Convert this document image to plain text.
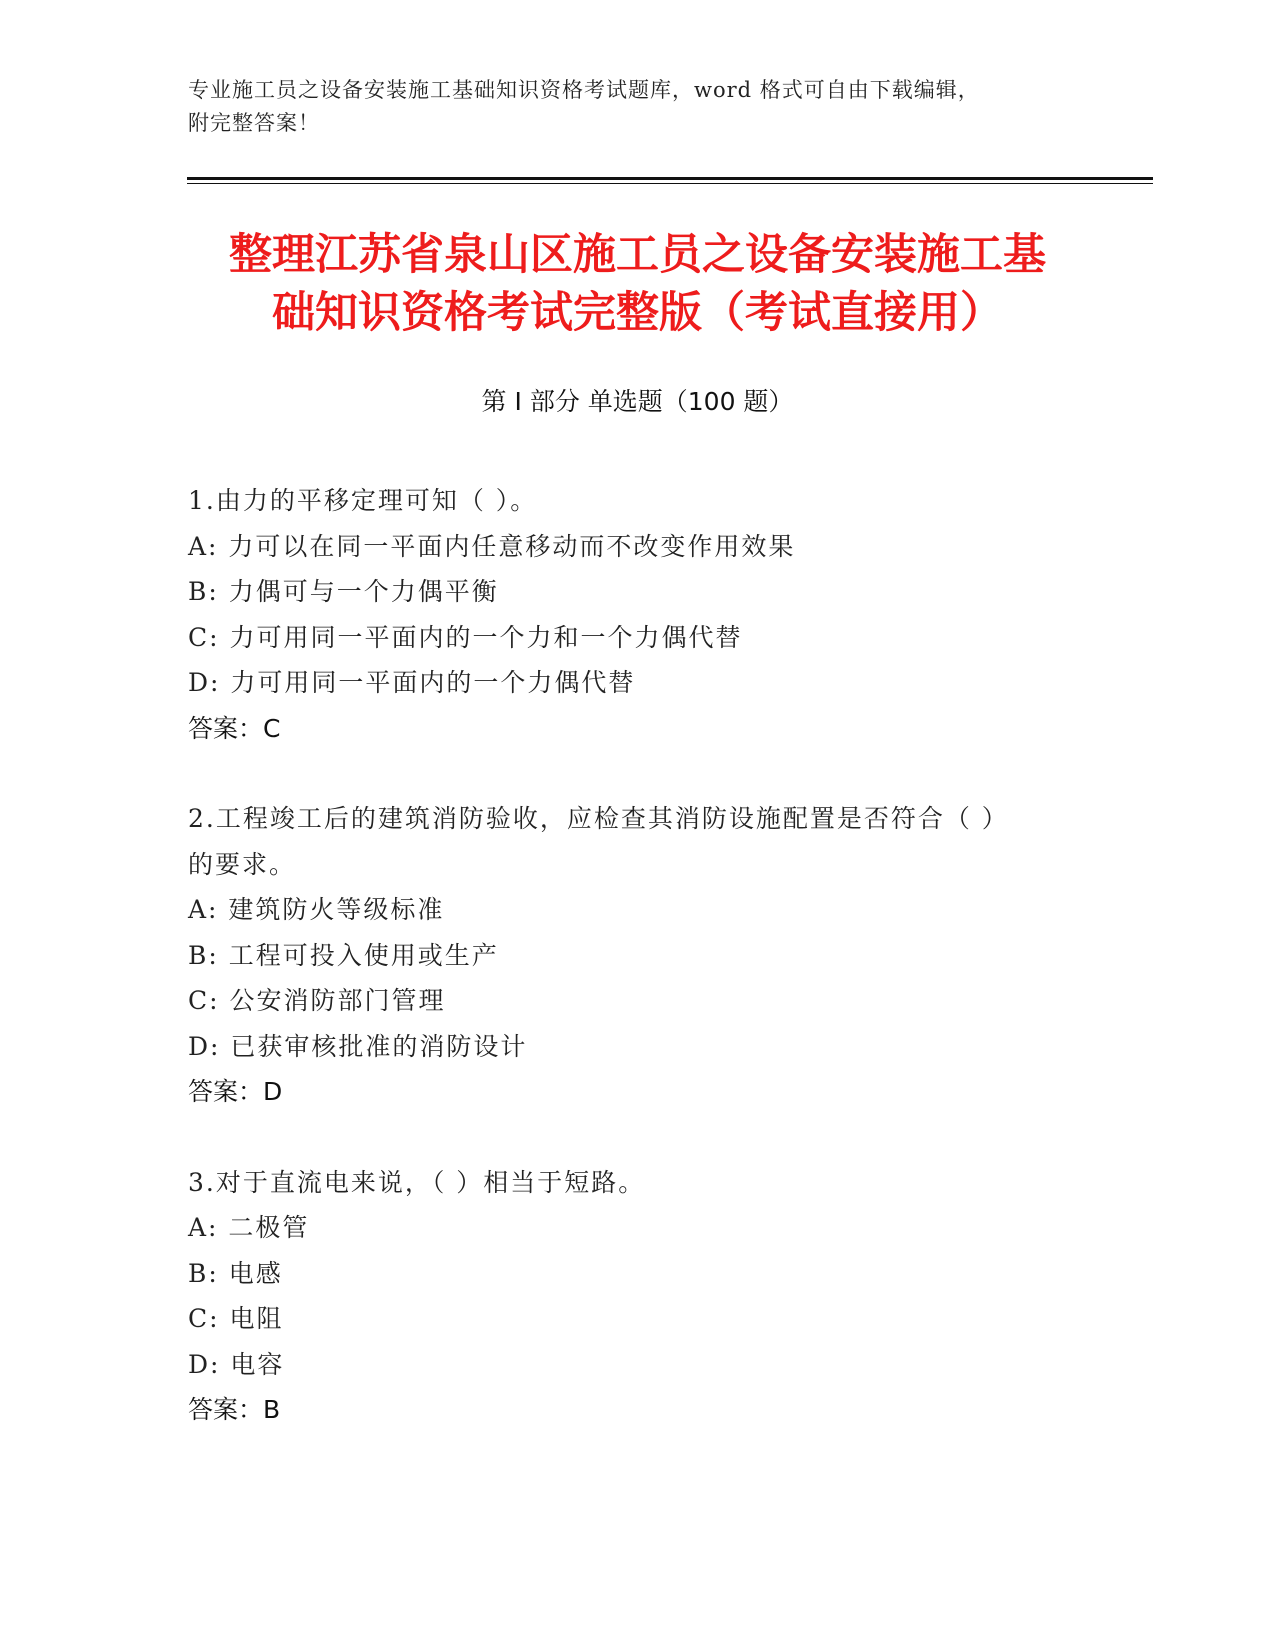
专业施工员之设备安装施工基础知识资格考试题库，word 格式可自由下载编辑，
附完整答案！
整理江苏省泉山区施工员之设备安装施工基
础知识资格考试完整版（考试直接用）
第 I 部分 单选题（100 题）
1.由力的平移定理可知（ ）。
A: 力可以在同一平面内任意移动而不改变作用效果
B: 力偶可与一个力偶平衡
C: 力可用同一平面内的一个力和一个力偶代替
D: 力可用同一平面内的一个力偶代替
答案：C
2.工程竣工后的建筑消防验收，应检查其消防设施配置是否符合（ ）
的要求。
A: 建筑防火等级标准
B: 工程可投入使用或生产
C: 公安消防部门管理
D: 已获审核批准的消防设计
答案：D
3.对于直流电来说，（ ）相当于短路。
A: 二极管
B: 电感
C: 电阻
D: 电容
答案：B
